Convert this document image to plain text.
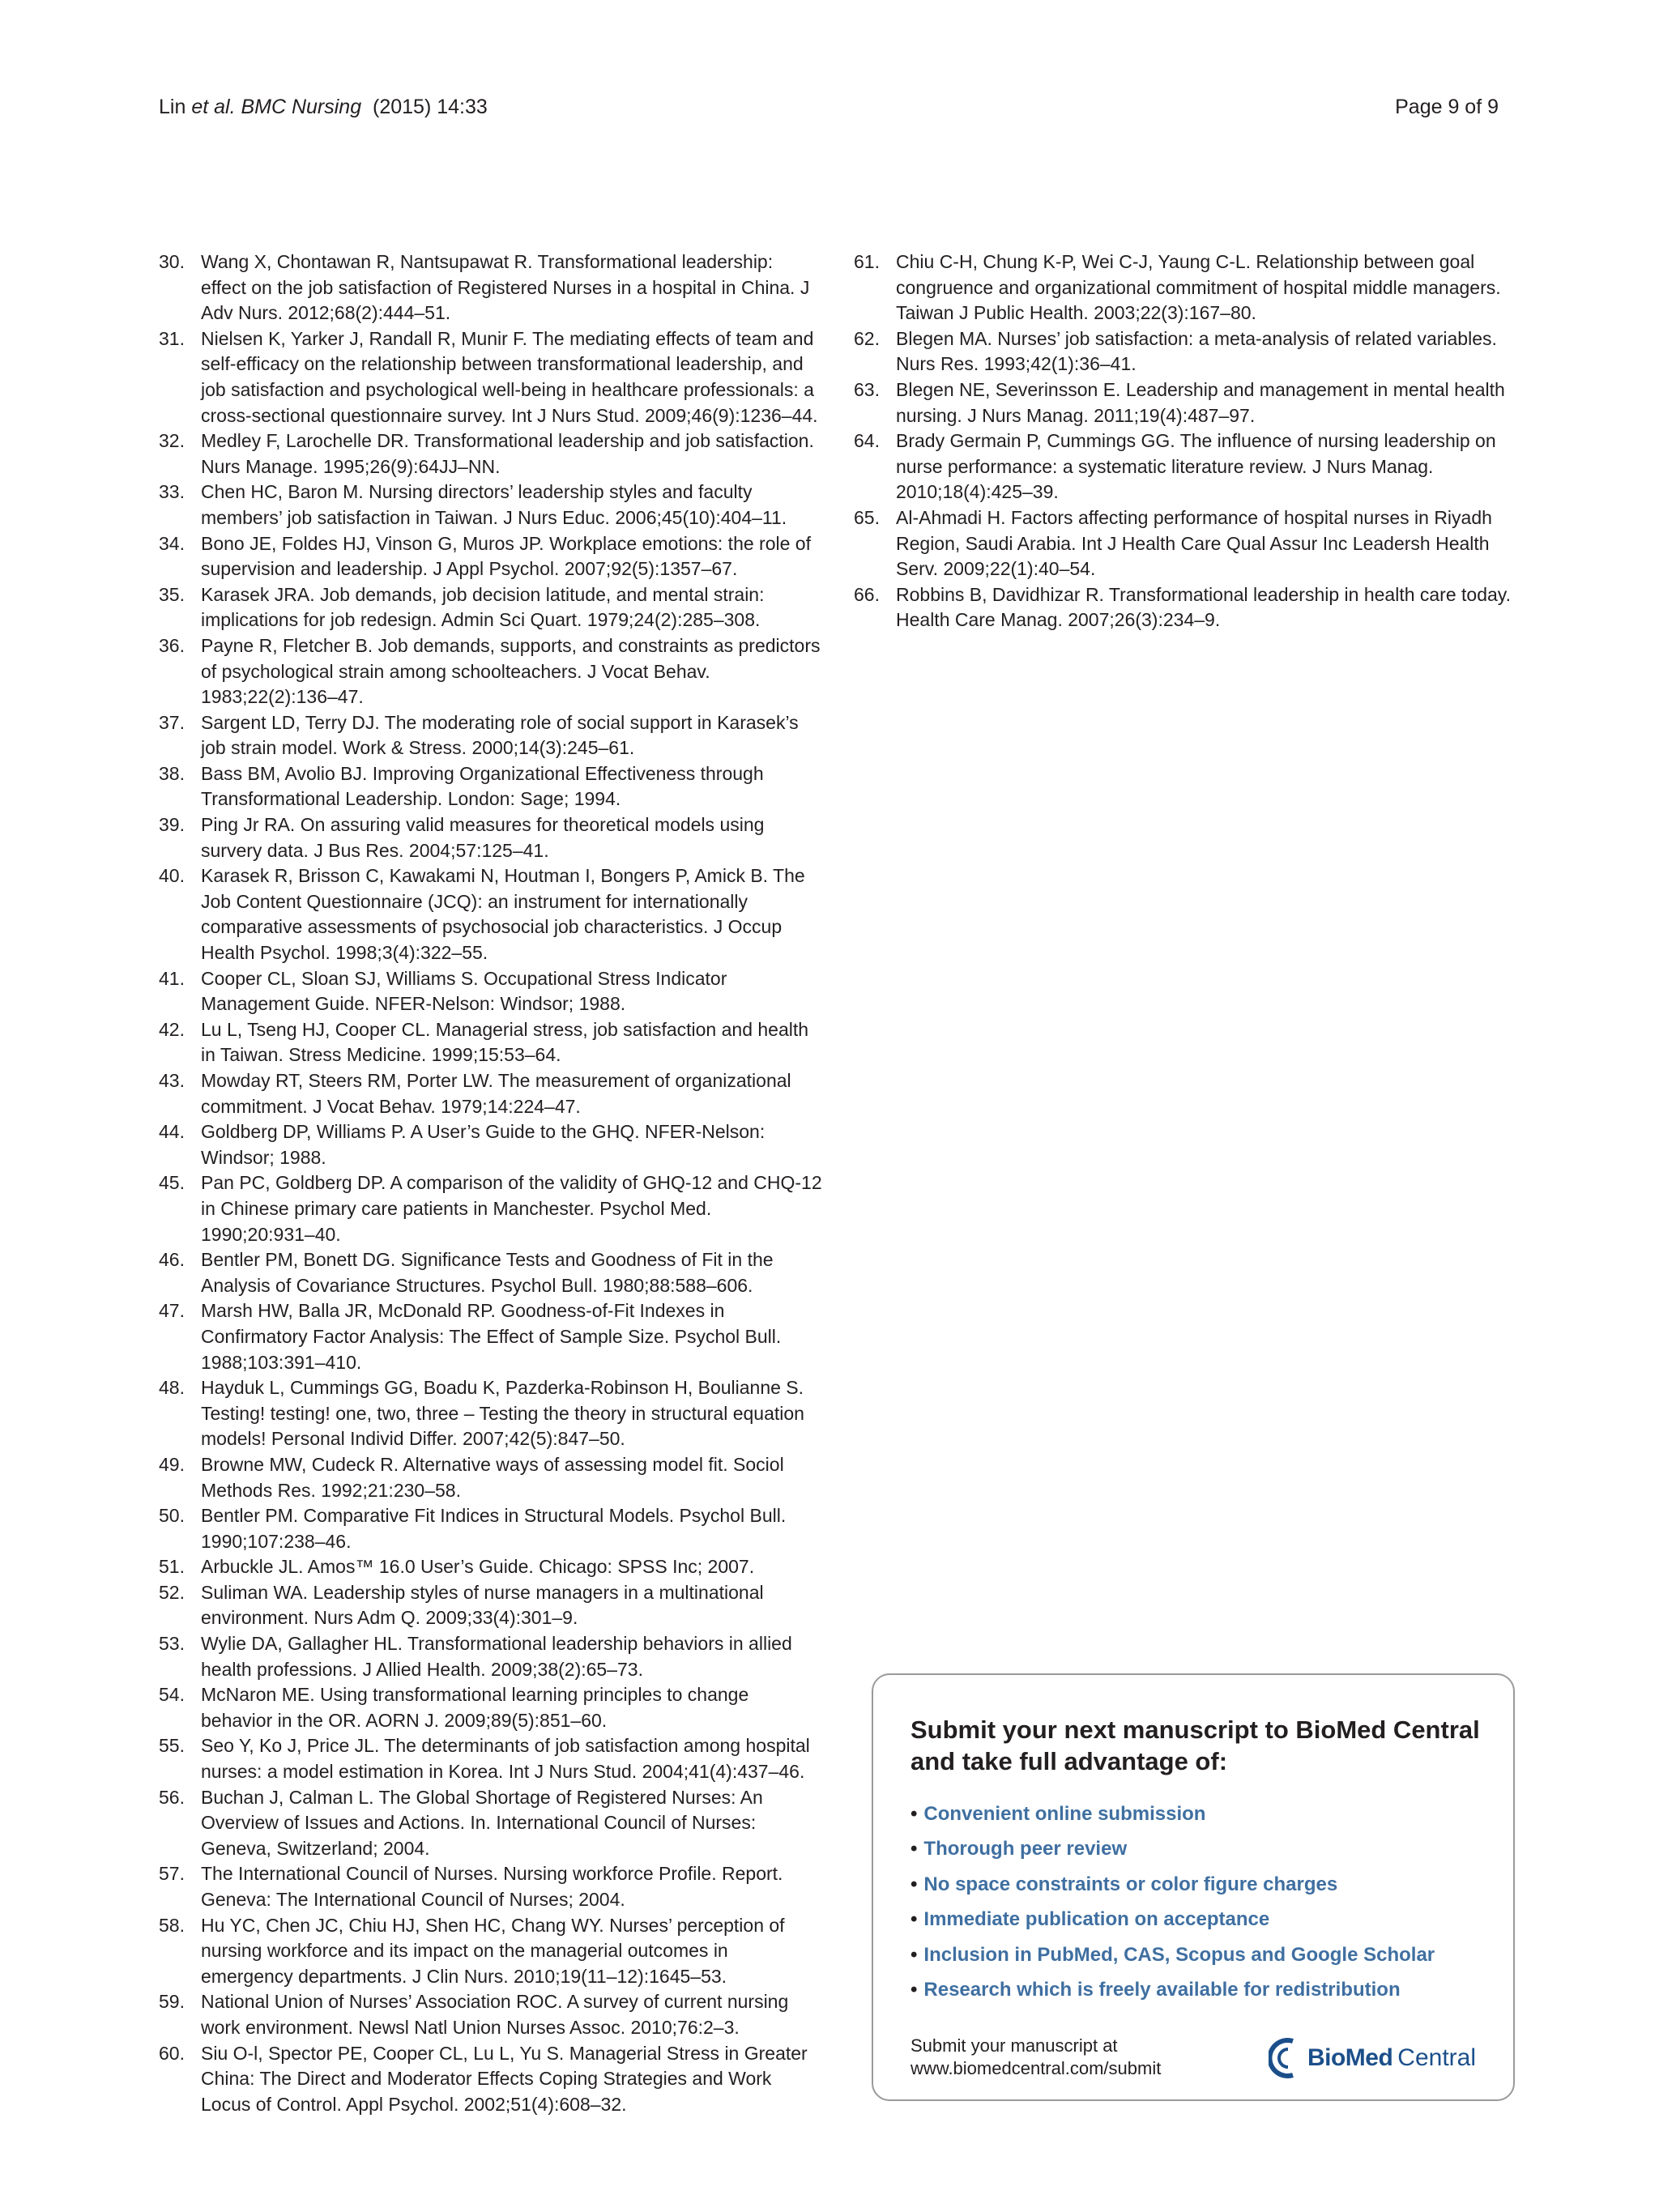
Lin et al. BMC Nursing (2015) 14:33	Page 9 of 9
30. Wang X, Chontawan R, Nantsupawat R. Transformational leadership: effect on the job satisfaction of Registered Nurses in a hospital in China. J Adv Nurs. 2012;68(2):444–51.
31. Nielsen K, Yarker J, Randall R, Munir F. The mediating effects of team and self-efficacy on the relationship between transformational leadership, and job satisfaction and psychological well-being in healthcare professionals: a cross-sectional questionnaire survey. Int J Nurs Stud. 2009;46(9):1236–44.
32. Medley F, Larochelle DR. Transformational leadership and job satisfaction. Nurs Manage. 1995;26(9):64JJ–NN.
33. Chen HC, Baron M. Nursing directors’ leadership styles and faculty members’ job satisfaction in Taiwan. J Nurs Educ. 2006;45(10):404–11.
34. Bono JE, Foldes HJ, Vinson G, Muros JP. Workplace emotions: the role of supervision and leadership. J Appl Psychol. 2007;92(5):1357–67.
35. Karasek JRA. Job demands, job decision latitude, and mental strain: implications for job redesign. Admin Sci Quart. 1979;24(2):285–308.
36. Payne R, Fletcher B. Job demands, supports, and constraints as predictors of psychological strain among schoolteachers. J Vocat Behav. 1983;22(2):136–47.
37. Sargent LD, Terry DJ. The moderating role of social support in Karasek’s job strain model. Work & Stress. 2000;14(3):245–61.
38. Bass BM, Avolio BJ. Improving Organizational Effectiveness through Transformational Leadership. London: Sage; 1994.
39. Ping Jr RA. On assuring valid measures for theoretical models using survery data. J Bus Res. 2004;57:125–41.
40. Karasek R, Brisson C, Kawakami N, Houtman I, Bongers P, Amick B. The Job Content Questionnaire (JCQ): an instrument for internationally comparative assessments of psychosocial job characteristics. J Occup Health Psychol. 1998;3(4):322–55.
41. Cooper CL, Sloan SJ, Williams S. Occupational Stress Indicator Management Guide. NFER-Nelson: Windsor; 1988.
42. Lu L, Tseng HJ, Cooper CL. Managerial stress, job satisfaction and health in Taiwan. Stress Medicine. 1999;15:53–64.
43. Mowday RT, Steers RM, Porter LW. The measurement of organizational commitment. J Vocat Behav. 1979;14:224–47.
44. Goldberg DP, Williams P. A User’s Guide to the GHQ. NFER-Nelson: Windsor; 1988.
45. Pan PC, Goldberg DP. A comparison of the validity of GHQ-12 and CHQ-12 in Chinese primary care patients in Manchester. Psychol Med. 1990;20:931–40.
46. Bentler PM, Bonett DG. Significance Tests and Goodness of Fit in the Analysis of Covariance Structures. Psychol Bull. 1980;88:588–606.
47. Marsh HW, Balla JR, McDonald RP. Goodness-of-Fit Indexes in Confirmatory Factor Analysis: The Effect of Sample Size. Psychol Bull. 1988;103:391–410.
48. Hayduk L, Cummings GG, Boadu K, Pazderka-Robinson H, Boulianne S. Testing! testing! one, two, three – Testing the theory in structural equation models! Personal Individ Differ. 2007;42(5):847–50.
49. Browne MW, Cudeck R. Alternative ways of assessing model fit. Sociol Methods Res. 1992;21:230–58.
50. Bentler PM. Comparative Fit Indices in Structural Models. Psychol Bull. 1990;107:238–46.
51. Arbuckle JL. Amos™ 16.0 User’s Guide. Chicago: SPSS Inc; 2007.
52. Suliman WA. Leadership styles of nurse managers in a multinational environment. Nurs Adm Q. 2009;33(4):301–9.
53. Wylie DA, Gallagher HL. Transformational leadership behaviors in allied health professions. J Allied Health. 2009;38(2):65–73.
54. McNaron ME. Using transformational learning principles to change behavior in the OR. AORN J. 2009;89(5):851–60.
55. Seo Y, Ko J, Price JL. The determinants of job satisfaction among hospital nurses: a model estimation in Korea. Int J Nurs Stud. 2004;41(4):437–46.
56. Buchan J, Calman L. The Global Shortage of Registered Nurses: An Overview of Issues and Actions. In. International Council of Nurses: Geneva, Switzerland; 2004.
57. The International Council of Nurses. Nursing workforce Profile. Report. Geneva: The International Council of Nurses; 2004.
58. Hu YC, Chen JC, Chiu HJ, Shen HC, Chang WY. Nurses’ perception of nursing workforce and its impact on the managerial outcomes in emergency departments. J Clin Nurs. 2010;19(11–12):1645–53.
59. National Union of Nurses’ Association ROC. A survey of current nursing work environment. Newsl Natl Union Nurses Assoc. 2010;76:2–3.
60. Siu O-l, Spector PE, Cooper CL, Lu L, Yu S. Managerial Stress in Greater China: The Direct and Moderator Effects Coping Strategies and Work Locus of Control. Appl Psychol. 2002;51(4):608–32.
61. Chiu C-H, Chung K-P, Wei C-J, Yaung C-L. Relationship between goal congruence and organizational commitment of hospital middle managers. Taiwan J Public Health. 2003;22(3):167–80.
62. Blegen MA. Nurses’ job satisfaction: a meta-analysis of related variables. Nurs Res. 1993;42(1):36–41.
63. Blegen NE, Severinsson E. Leadership and management in mental health nursing. J Nurs Manag. 2011;19(4):487–97.
64. Brady Germain P, Cummings GG. The influence of nursing leadership on nurse performance: a systematic literature review. J Nurs Manag. 2010;18(4):425–39.
65. Al-Ahmadi H. Factors affecting performance of hospital nurses in Riyadh Region, Saudi Arabia. Int J Health Care Qual Assur Inc Leadersh Health Serv. 2009;22(1):40–54.
66. Robbins B, Davidhizar R. Transformational leadership in health care today. Health Care Manag. 2007;26(3):234–9.
Submit your next manuscript to BioMed Central and take full advantage of:
• Convenient online submission
• Thorough peer review
• No space constraints or color figure charges
• Immediate publication on acceptance
• Inclusion in PubMed, CAS, Scopus and Google Scholar
• Research which is freely available for redistribution
Submit your manuscript at
www.biomedcentral.com/submit	BioMed Central
